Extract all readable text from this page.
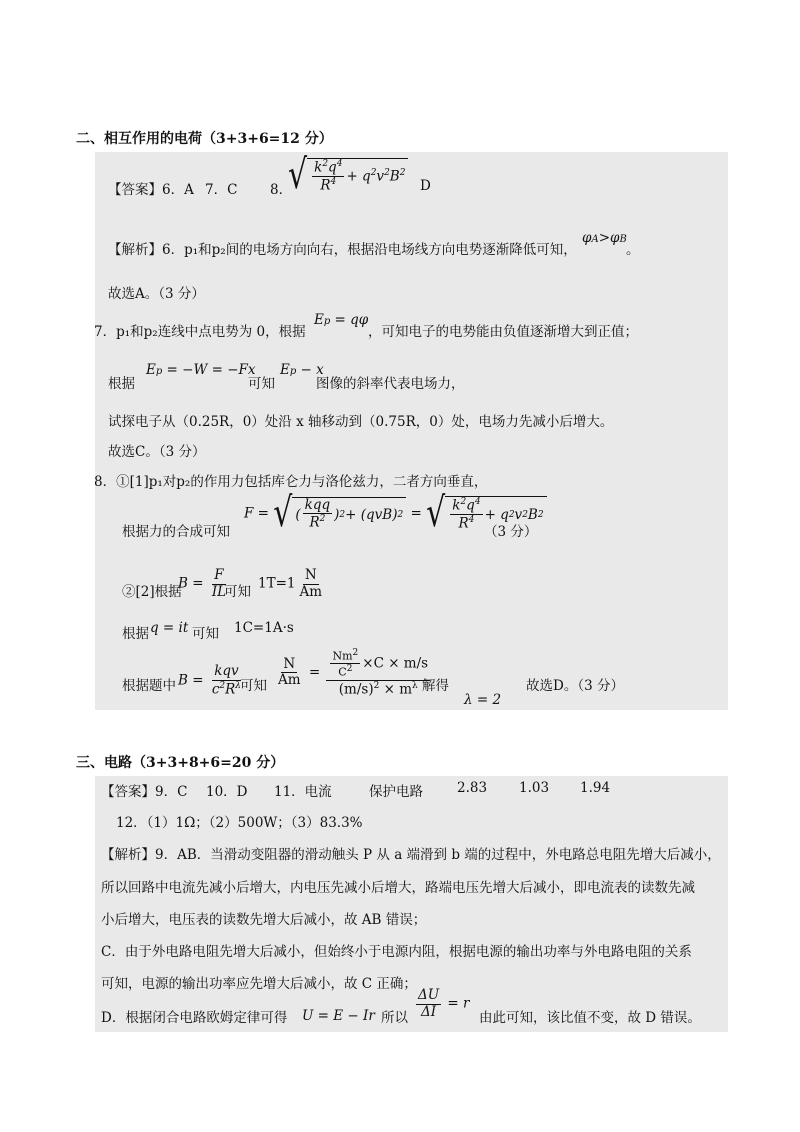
二、相互作用的电荷（3+3+6=12 分）
【答案】6．A 7．C 8．
√ $\frac{k^2q^4}{R^4} + q^2v^2B^2$
D
【解析】6．p₁和p₂间的电场方向向右，根据沿电场线方向电势逐渐降低可知，
φA>φB
。
故选A。（3 分）
7．p₁和p₂连线中点电势为 0，根据
Ep = qφ
，可知电子的电势能由负值逐渐增大到正值；
根据
Ep = −W = −Fx
可知
Ep − x
图像的斜率代表电场力，
试探电子从（0.25R，0）处沿 x 轴移动到（0.75R，0）处，电场力先减小后增大。
故选C。（3 分）
8．①[1]p₁对p₂的作用力包括库仑力与洛伦兹力，二者方向垂直，
根据力的合成可知
F = √ ( $\frac{\text{kqq}}{R^2}$ ) 2 + (qvB) 2 = √ $\frac{k^2q^4}{R^4} + q$ 2 v 2 B 2
（3 分）
②[2]根据
$B = \frac{F}{IL}$
可知
$1T=1 \frac{N}{Am}$
根据 q = it 可知 1C=1A·s
根据题中 $B = \frac{\text{kqv}}{c^2R^\lambda}$
可知 $\frac{N}{Am} = \frac{\frac{Nm^2}{C^2} \times C \times m/s}{(m/s)^2 \times m^\lambda}$
解得
λ = 2
故选D。（3 分）
三、电路（3+3+8+6=20 分）
【答案】9．C 10．D 11．电流	保护电路	2.83 1.03 1.94
12．（1）1Ω；（2）500W；（3）83.3%
【解析】9．AB．当滑动变阻器的滑动触头 P 从 a 端滑到 b 端的过程中，外电路总电阻先增大后减小，
所以回路中电流先减小后增大，内电压先减小后增大，路端电压先增大后减小，即电流表的读数先减
小后增大，电压表的读数先增大后减小，故 AB 错误；
C．由于外电路电阻先增大后减小，但始终小于电源内阻，根据电源的输出功率与外电路电阻的关系
可知，电源的输出功率应先增大后减小，故 C 正确；
D．根据闭合电路欧姆定律可得 U = E − Ir 所以 $\frac{\Delta U}{\Delta I} = r$
由此可知，该比值不变，故 D 错误。
